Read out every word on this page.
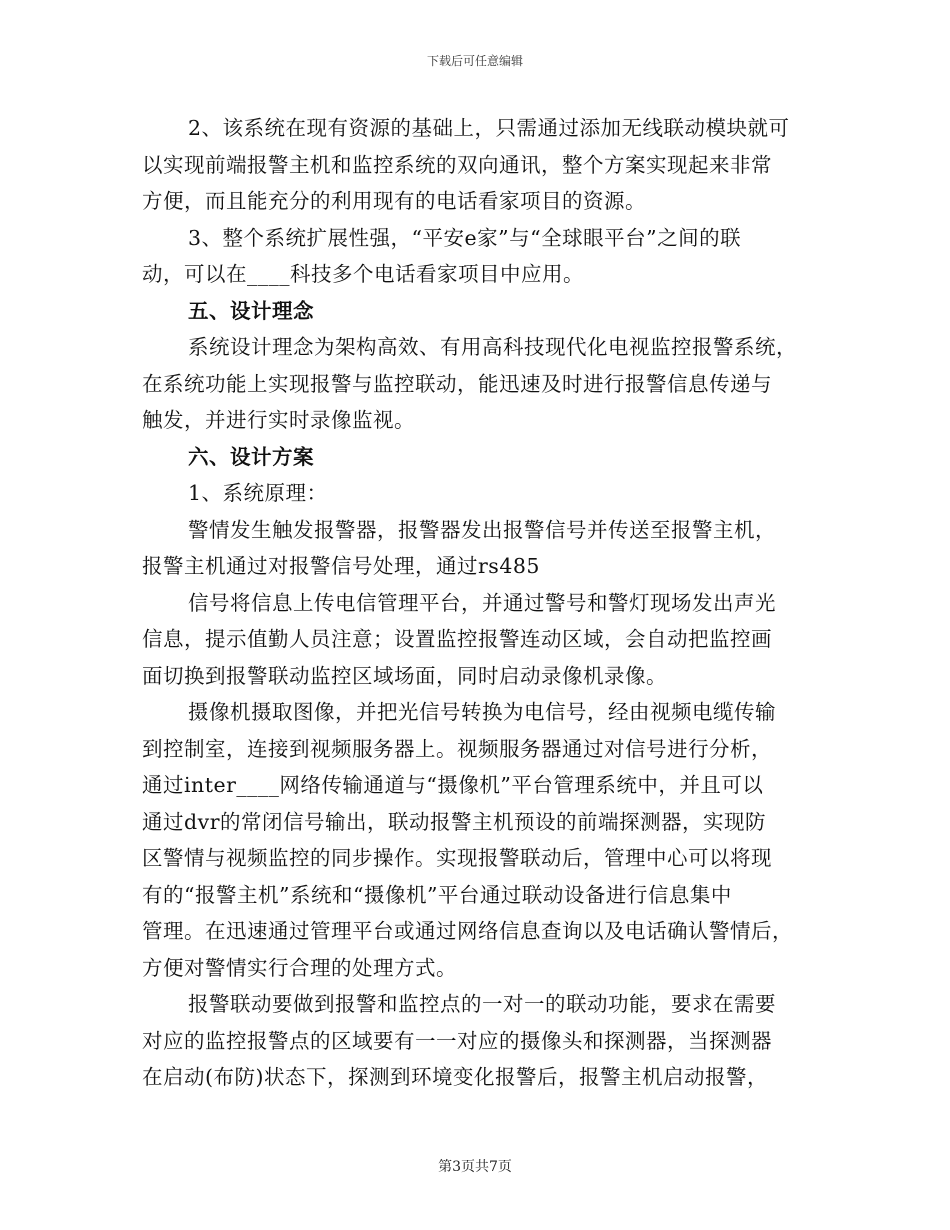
下载后可任意编辑
2、该系统在现有资源的基础上，只需通过添加无线联动模块就可
以实现前端报警主机和监控系统的双向通讯，整个方案实现起来非常
方便，而且能充分的利用现有的电话看家项目的资源。
3、整个系统扩展性强，“平安e家”与“全球眼平台”之间的联
动，可以在____科技多个电话看家项目中应用。
五、设计理念
系统设计理念为架构高效、有用高科技现代化电视监控报警系统，
在系统功能上实现报警与监控联动，能迅速及时进行报警信息传递与
触发，并进行实时录像监视。
六、设计方案
1、系统原理：
警情发生触发报警器，报警器发出报警信号并传送至报警主机，
报警主机通过对报警信号处理，通过rs485
信号将信息上传电信管理平台，并通过警号和警灯现场发出声光
信息，提示值勤人员注意；设置监控报警连动区域，会自动把监控画
面切换到报警联动监控区域场面，同时启动录像机录像。
摄像机摄取图像，并把光信号转换为电信号，经由视频电缆传输
到控制室，连接到视频服务器上。视频服务器通过对信号进行分析，
通过inter____网络传输通道与“摄像机”平台管理系统中，并且可以
通过dvr的常闭信号输出，联动报警主机预设的前端探测器，实现防
区警情与视频监控的同步操作。实现报警联动后，管理中心可以将现
有的“报警主机”系统和“摄像机”平台通过联动设备进行信息集中
管理。在迅速通过管理平台或通过网络信息查询以及电话确认警情后，
方便对警情实行合理的处理方式。
报警联动要做到报警和监控点的一对一的联动功能，要求在需要
对应的监控报警点的区域要有一一对应的摄像头和探测器，当探测器
在启动(布防)状态下，探测到环境变化报警后，报警主机启动报警，
第3页共7页
